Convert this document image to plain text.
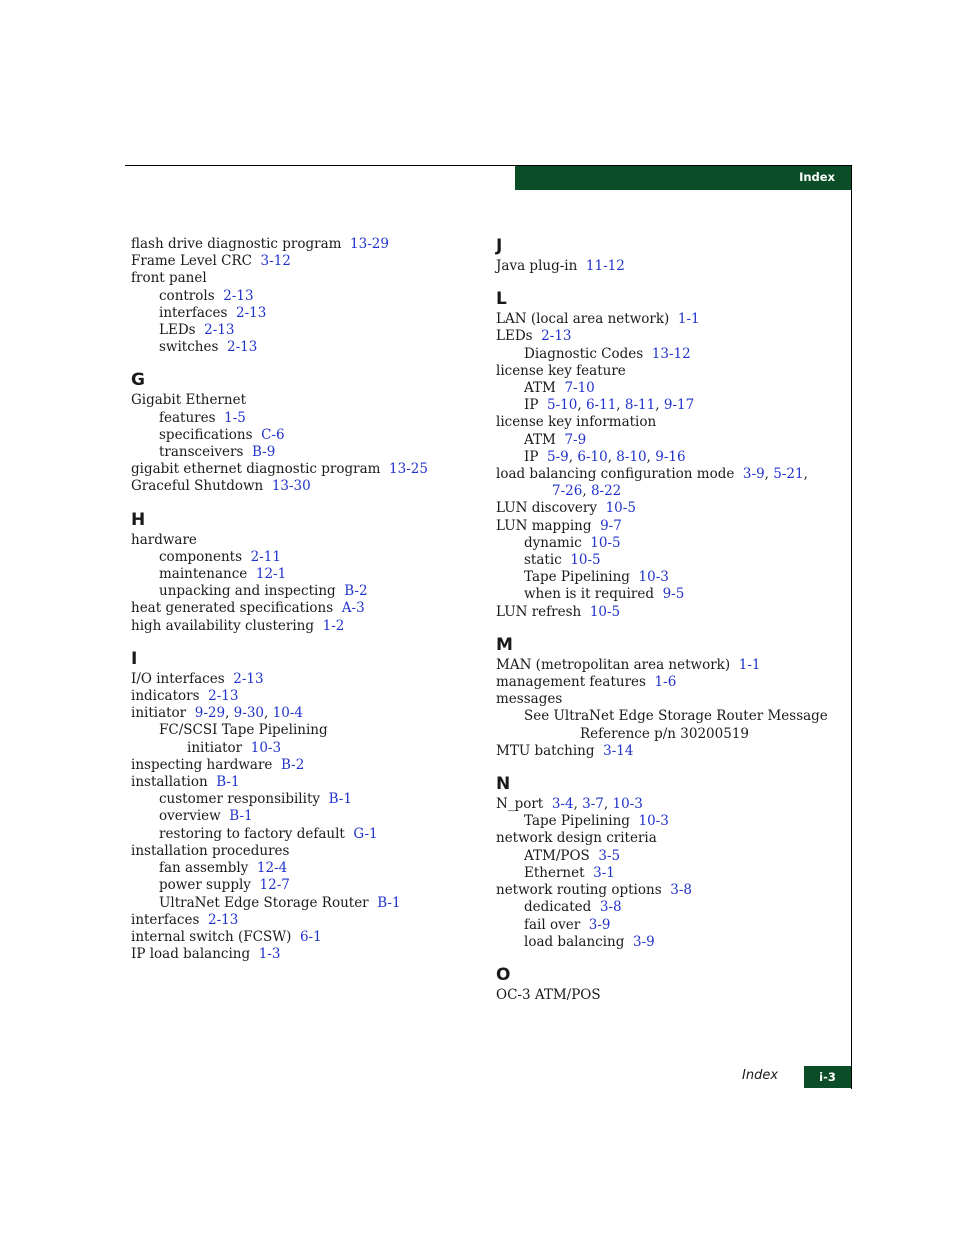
Index
flash drive diagnostic program 13-29
Frame Level CRC 3-12
front panel
controls 2-13
interfaces 2-13
LEDs 2-13
switches 2-13
G
Gigabit Ethernet
features 1-5
specifications C-6
transceivers B-9
gigabit ethernet diagnostic program 13-25
Graceful Shutdown 13-30
H
hardware
components 2-11
maintenance 12-1
unpacking and inspecting B-2
heat generated specifications A-3
high availability clustering 1-2
I
I/O interfaces 2-13
indicators 2-13
initiator 9-29, 9-30, 10-4
FC/SCSI Tape Pipelining
initiator 10-3
inspecting hardware B-2
installation B-1
customer responsibility B-1
overview B-1
restoring to factory default G-1
installation procedures
fan assembly 12-4
power supply 12-7
UltraNet Edge Storage Router B-1
interfaces 2-13
internal switch (FCSW) 6-1
IP load balancing 1-3
J
Java plug-in 11-12
L
LAN (local area network) 1-1
LEDs 2-13
Diagnostic Codes 13-12
license key feature
ATM 7-10
IP 5-10, 6-11, 8-11, 9-17
license key information
ATM 7-9
IP 5-9, 6-10, 8-10, 9-16
load balancing configuration mode 3-9, 5-21,
7-26, 8-22
LUN discovery 10-5
LUN mapping 9-7
dynamic 10-5
static 10-5
Tape Pipelining 10-3
when is it required 9-5
LUN refresh 10-5
M
MAN (metropolitan area network) 1-1
management features 1-6
messages
See UltraNet Edge Storage Router Message
Reference p/n 30200519
MTU batching 3-14
N
N_port 3-4, 3-7, 10-3
Tape Pipelining 10-3
network design criteria
ATM/POS 3-5
Ethernet 3-1
network routing options 3-8
dedicated 3-8
fail over 3-9
load balancing 3-9
O
OC-3 ATM/POS
Index	i-3
